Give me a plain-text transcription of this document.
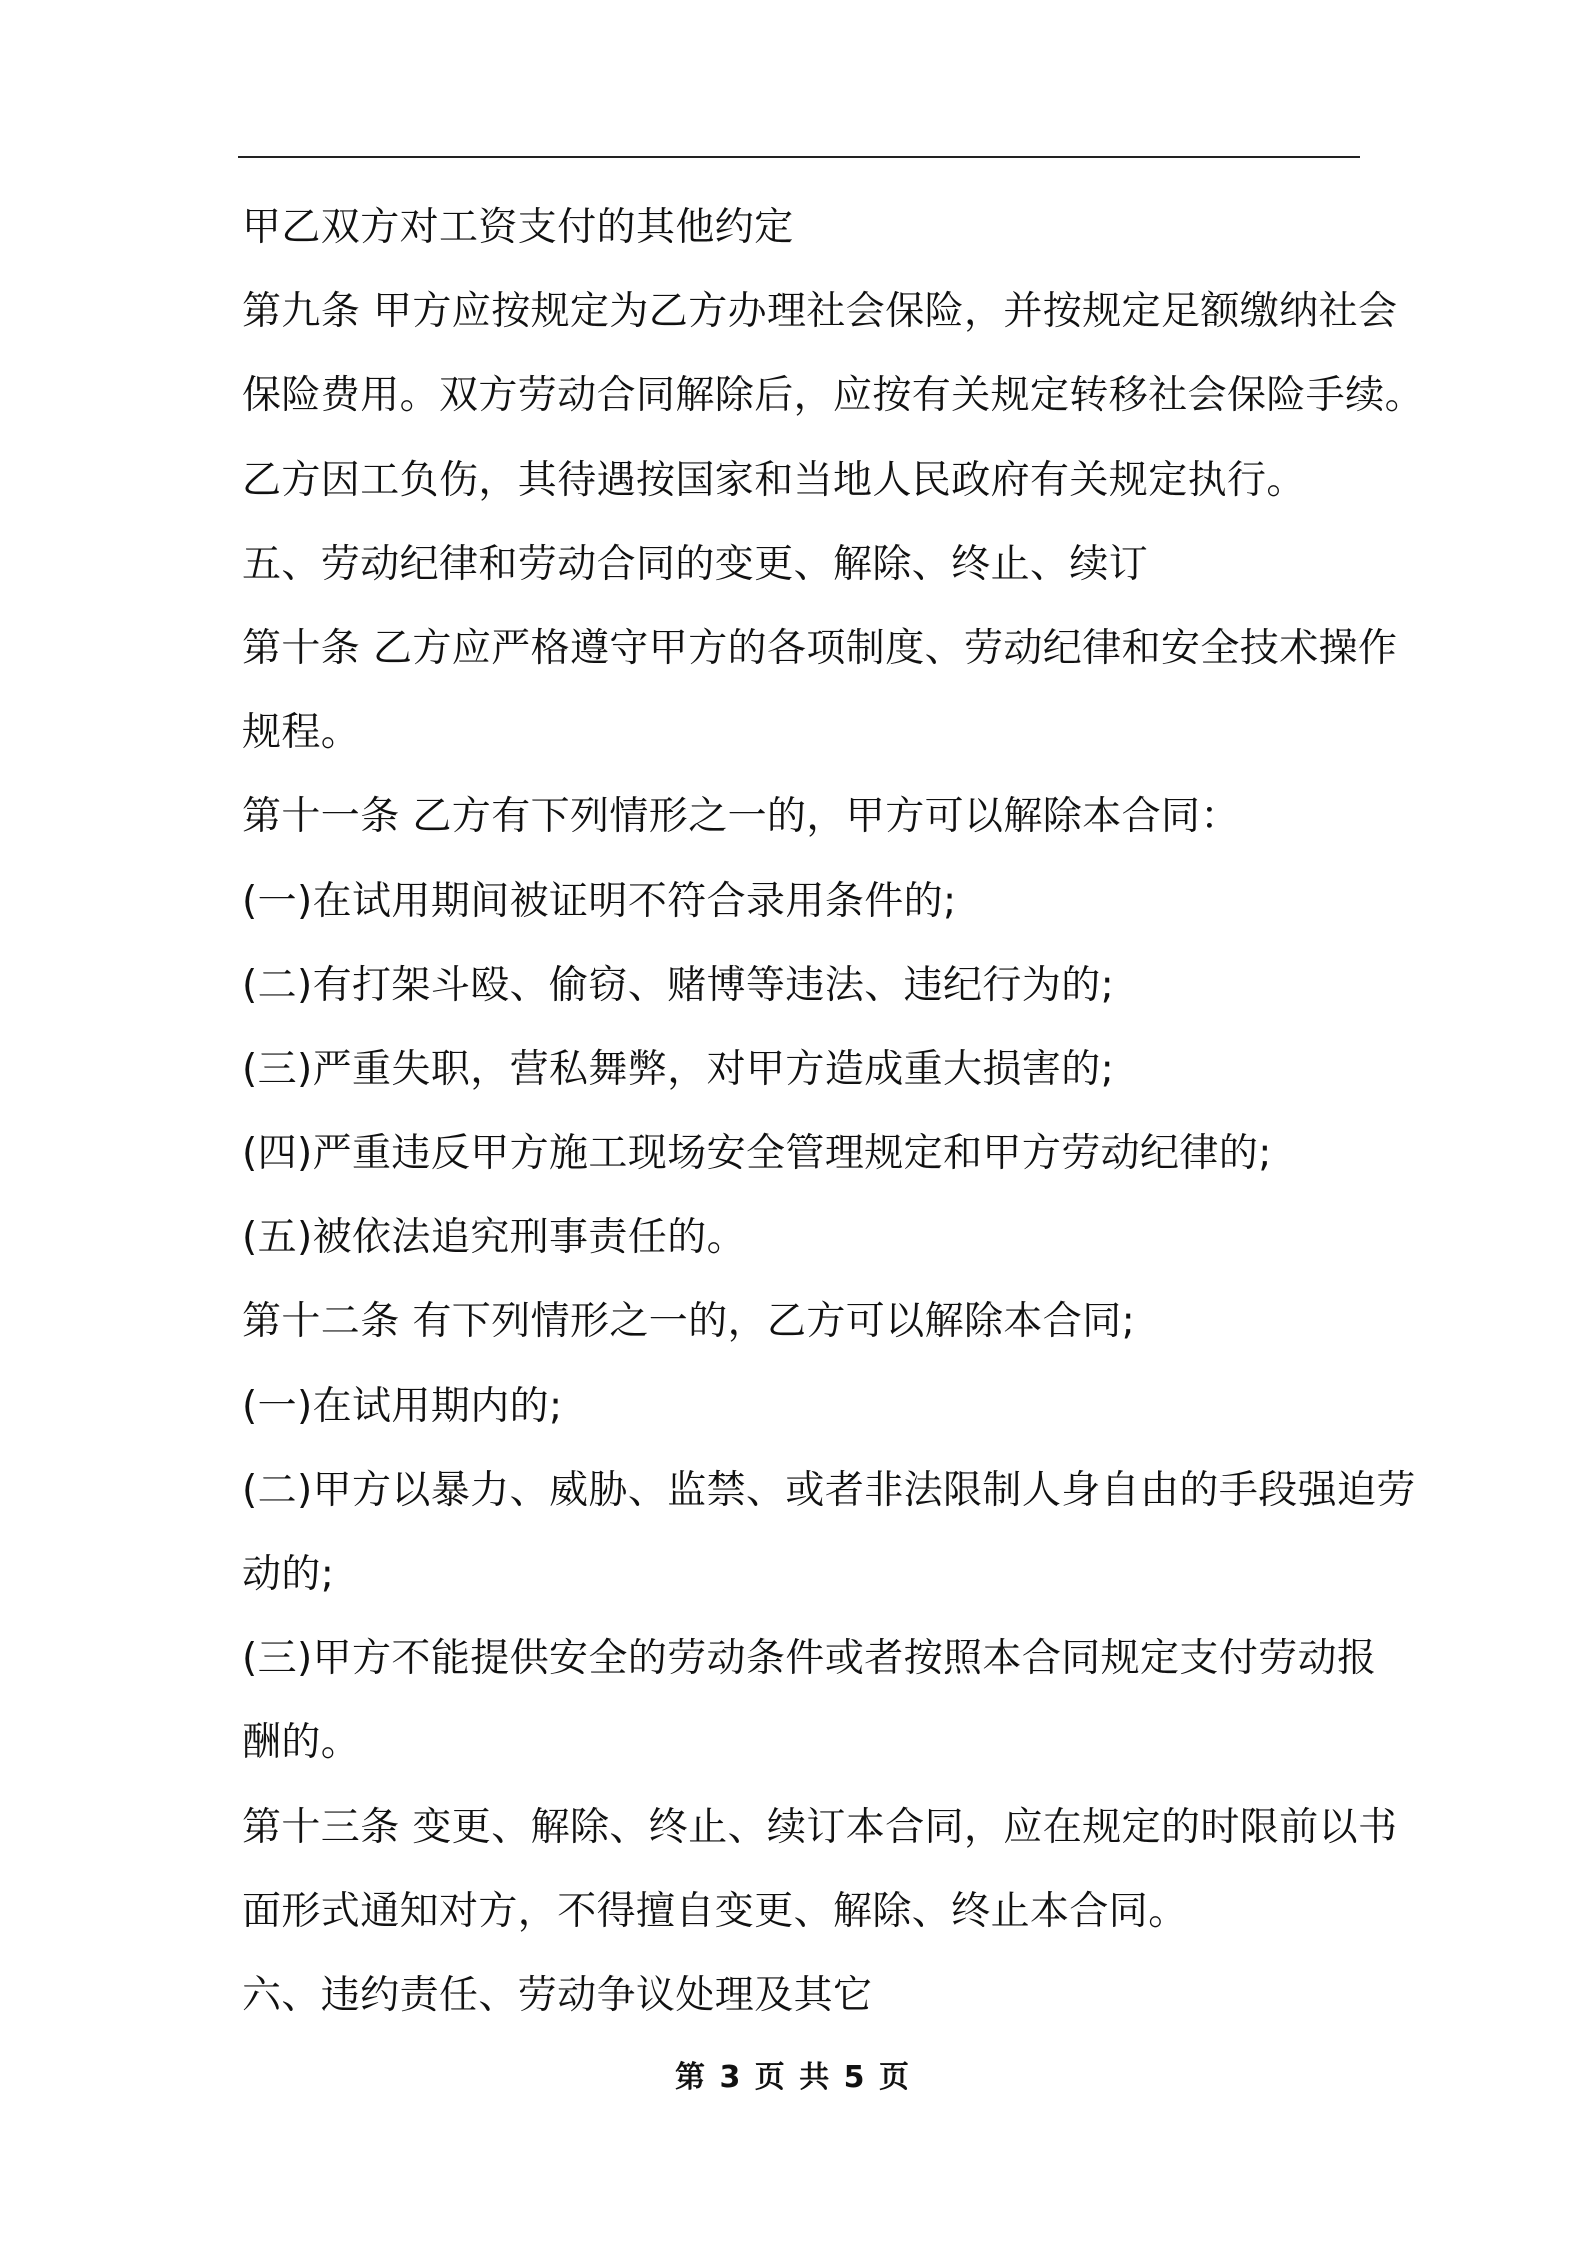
甲乙双方对工资支付的其他约定
第九条 甲方应按规定为乙方办理社会保险，并按规定足额缴纳社会
保险费用。双方劳动合同解除后，应按有关规定转移社会保险手续。
乙方因工负伤，其待遇按国家和当地人民政府有关规定执行。
五、劳动纪律和劳动合同的变更、解除、终止、续订
第十条 乙方应严格遵守甲方的各项制度、劳动纪律和安全技术操作
规程。
第十一条 乙方有下列情形之一的，甲方可以解除本合同：
(一)在试用期间被证明不符合录用条件的;
(二)有打架斗殴、偷窃、赌博等违法、违纪行为的;
(三)严重失职，营私舞弊，对甲方造成重大损害的;
(四)严重违反甲方施工现场安全管理规定和甲方劳动纪律的;
(五)被依法追究刑事责任的。
第十二条 有下列情形之一的，乙方可以解除本合同;
(一)在试用期内的;
(二)甲方以暴力、威胁、监禁、或者非法限制人身自由的手段强迫劳
动的;
(三)甲方不能提供安全的劳动条件或者按照本合同规定支付劳动报
酬的。
第十三条 变更、解除、终止、续订本合同，应在规定的时限前以书
面形式通知对方，不得擅自变更、解除、终止本合同。
六、违约责任、劳动争议处理及其它
第 3 页 共 5 页
